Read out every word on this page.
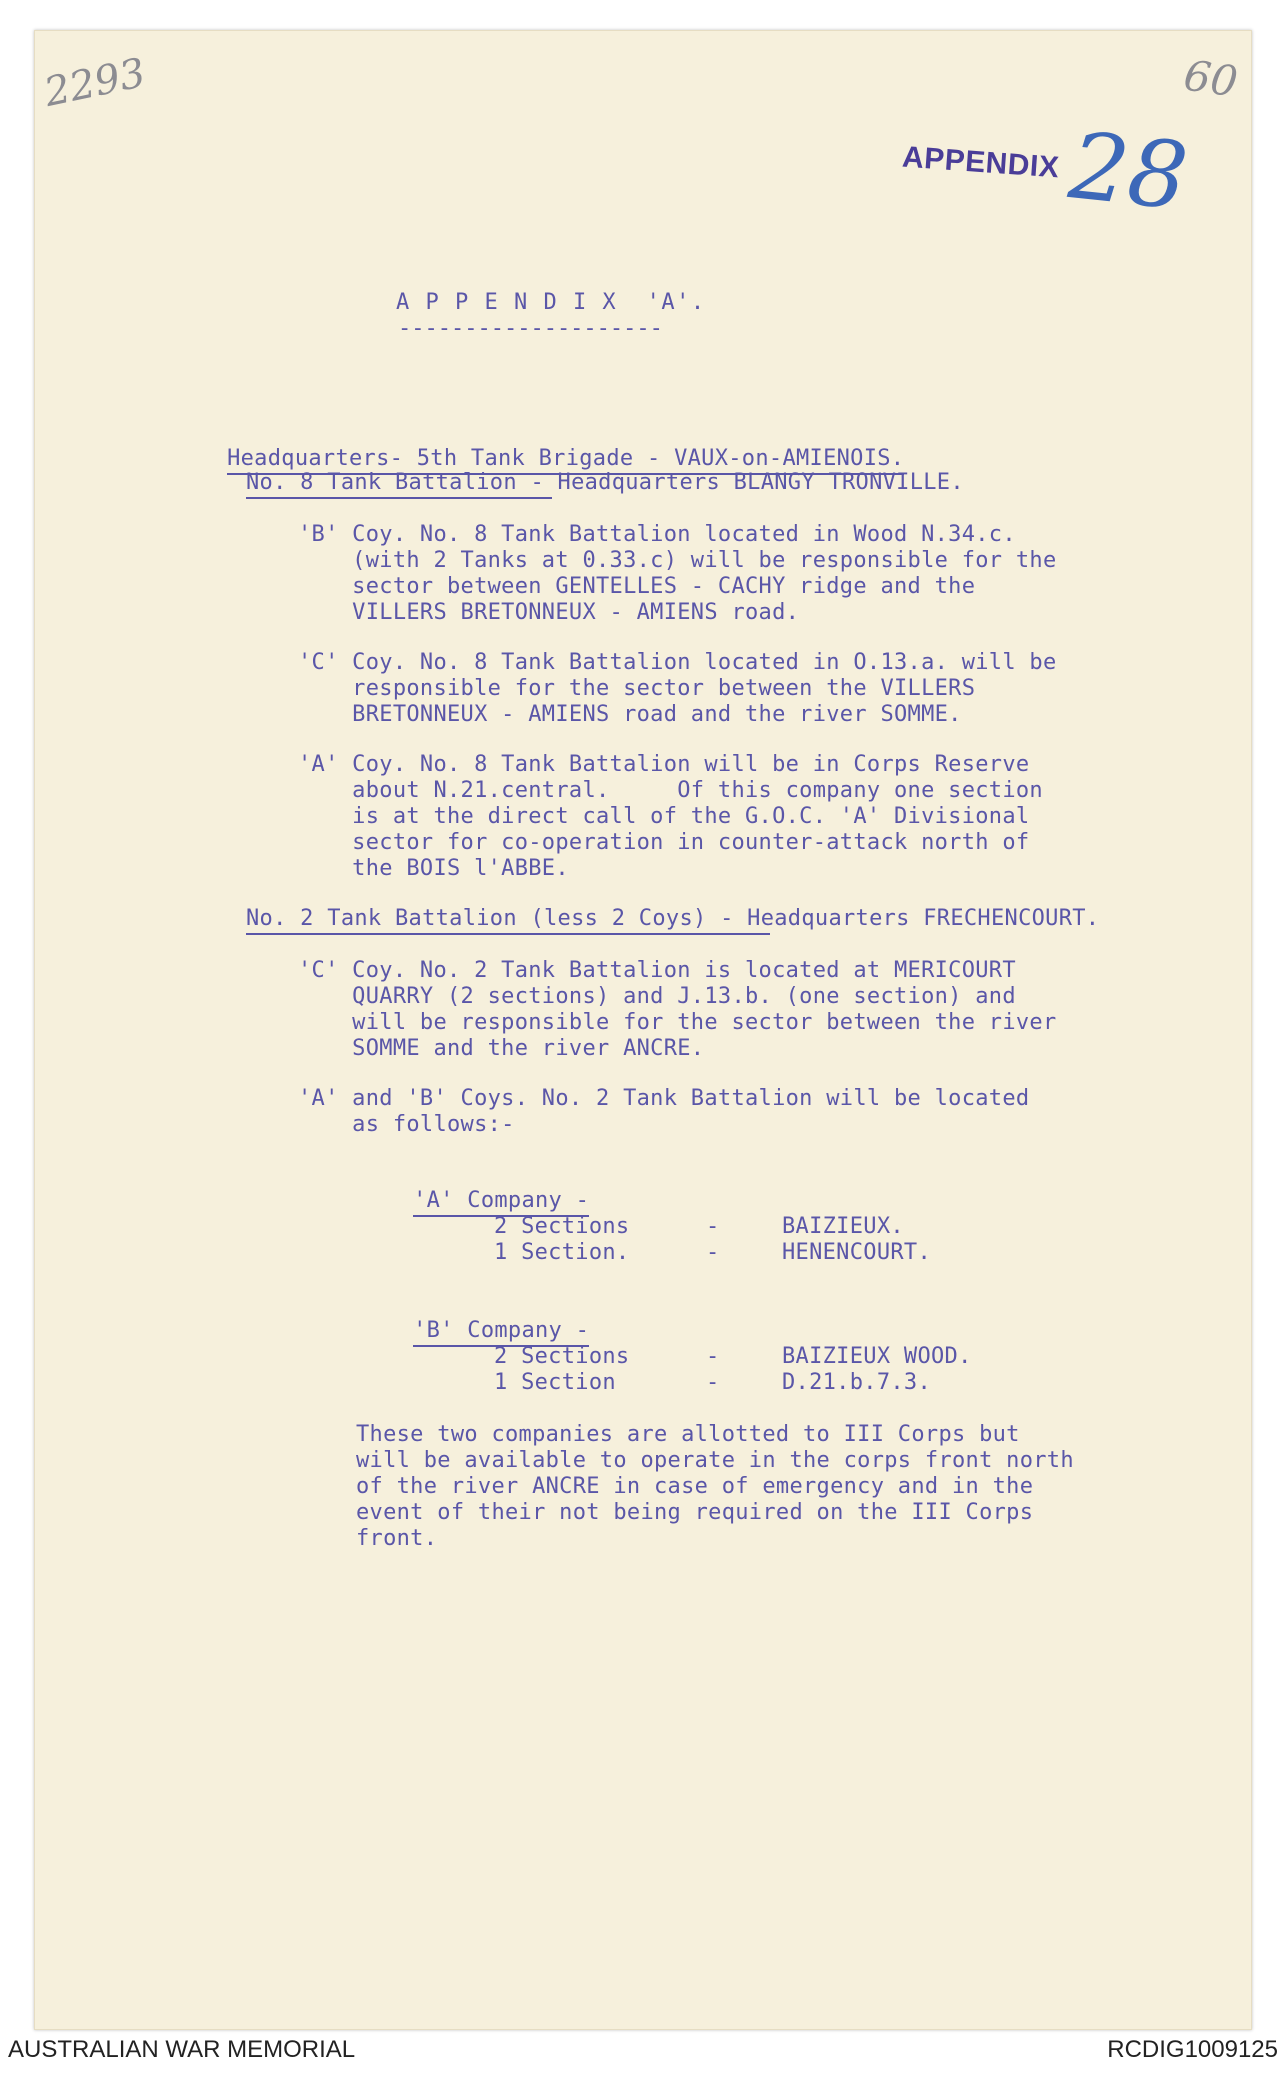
2293	60
APPENDIX 28
A P P E N D I X  'A'.
--------------------

Headquarters- 5th Tank Brigade - VAUX-on-AMIENOIS.

No. 8 Tank Battalion - Headquarters BLANGY TRONVILLE.
'B' Coy. No. 8 Tank Battalion located in Wood N.34.c.
(with 2 Tanks at 0.33.c) will be responsible for the
sector between GENTELLES - CACHY ridge and the
VILLERS BRETONNEUX - AMIENS road.
'C' Coy. No. 8 Tank Battalion located in O.13.a. will be
responsible for the sector between the VILLERS
BRETONNEUX - AMIENS road and the river SOMME.
'A' Coy. No. 8 Tank Battalion will be in Corps Reserve
about N.21.central.     Of this company one section
is at the direct call of the G.O.C. 'A' Divisional
sector for co-operation in counter-attack north of
the BOIS l'ABBE.
No. 2 Tank Battalion (less 2 Coys) - Headquarters FRECHENCOURT.
'C' Coy. No. 2 Tank Battalion is located at MERICOURT
QUARRY (2 sections) and J.13.b. (one section) and
will be responsible for the sector between the river
SOMME and the river ANCRE.
'A' and 'B' Coys. No. 2 Tank Battalion will be located
as follows:-

'A' Company -

2 Sections	-	BAIZIEUX.
1 Section.	-	HENENCOURT.

'B' Company -

2 Sections	-	BAIZIEUX WOOD.
1 Section	-	D.21.b.7.3.
These two companies are allotted to III Corps but
will be available to operate in the corps front north
of the river ANCRE in case of emergency and in the
event of their not being required on the III Corps
front.
AUSTRALIAN WAR MEMORIAL	RCDIG1009125
